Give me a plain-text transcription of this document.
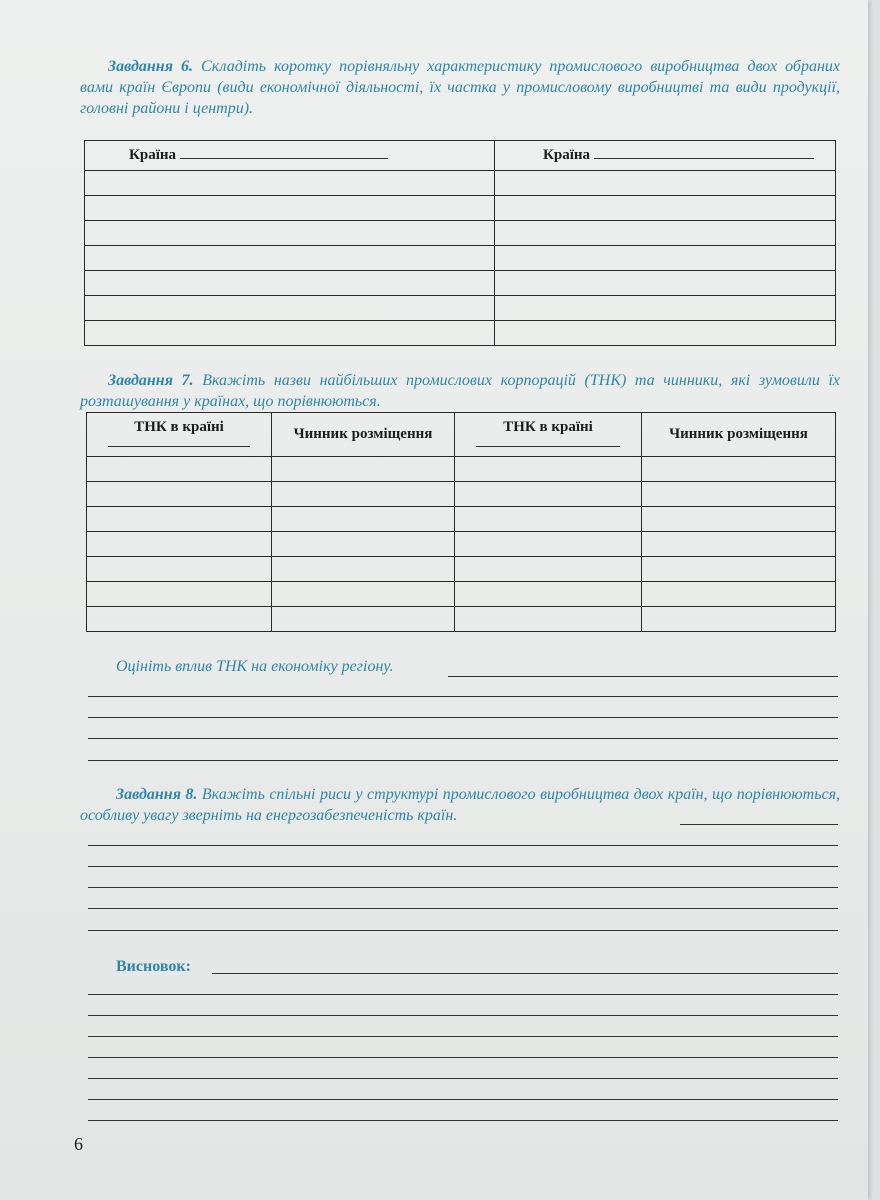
Завдання 6. Складіть коротку порівняльну характеристику промислового виробництва двох обраних вами країн Європи (види економічної діяльності, їх частка у промисловому виробництві та види продукції, головні райони і центри).
Країна	Країна

Завдання 7. Вкажіть назви найбільших промислових корпорацій (ТНК) та чинники, які зумовили їх розташування у країнах, що порівнюються.
ТНК в країні	Чинник розміщення	ТНК в країні	Чинник розміщення

Оцініть вплив ТНК на економіку регіону.
Завдання 8. Вкажіть спільні риси у структурі промислового виробництва двох країн, що порівнюються, особливу увагу зверніть на енергозабезпеченість країн.
Висновок:
6
